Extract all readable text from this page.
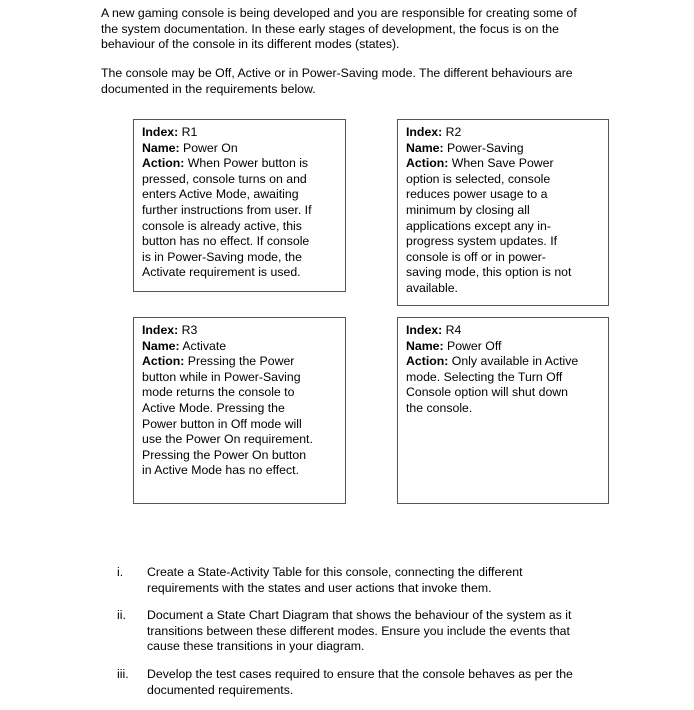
A new gaming console is being developed and you are responsible for creating some of
the system documentation. In these early stages of development, the focus is on the
behaviour of the console in its different modes (states).
The console may be Off, Active or in Power-Saving mode. The different behaviours are
documented in the requirements below.
Index: R1
Name: Power On
Action: When Power button is
pressed, console turns on and
enters Active Mode, awaiting
further instructions from user. If
console is already active, this
button has no effect. If console
is in Power-Saving mode, the
Activate requirement is used.
Index: R2
Name: Power-Saving
Action: When Save Power
option is selected, console
reduces power usage to a
minimum by closing all
applications except any in-
progress system updates. If
console is off or in power-
saving mode, this option is not
available.
Index: R3
Name: Activate
Action: Pressing the Power
button while in Power-Saving
mode returns the console to
Active Mode. Pressing the
Power button in Off mode will
use the Power On requirement.
Pressing the Power On button
in Active Mode has no effect.
Index: R4
Name: Power Off
Action: Only available in Active
mode. Selecting the Turn Off
Console option will shut down
the console.
i.	Create a State-Activity Table for this console, connecting the different
requirements with the states and user actions that invoke them.
ii.	Document a State Chart Diagram that shows the behaviour of the system as it
transitions between these different modes. Ensure you include the events that
cause these transitions in your diagram.
iii.	Develop the test cases required to ensure that the console behaves as per the
documented requirements.
